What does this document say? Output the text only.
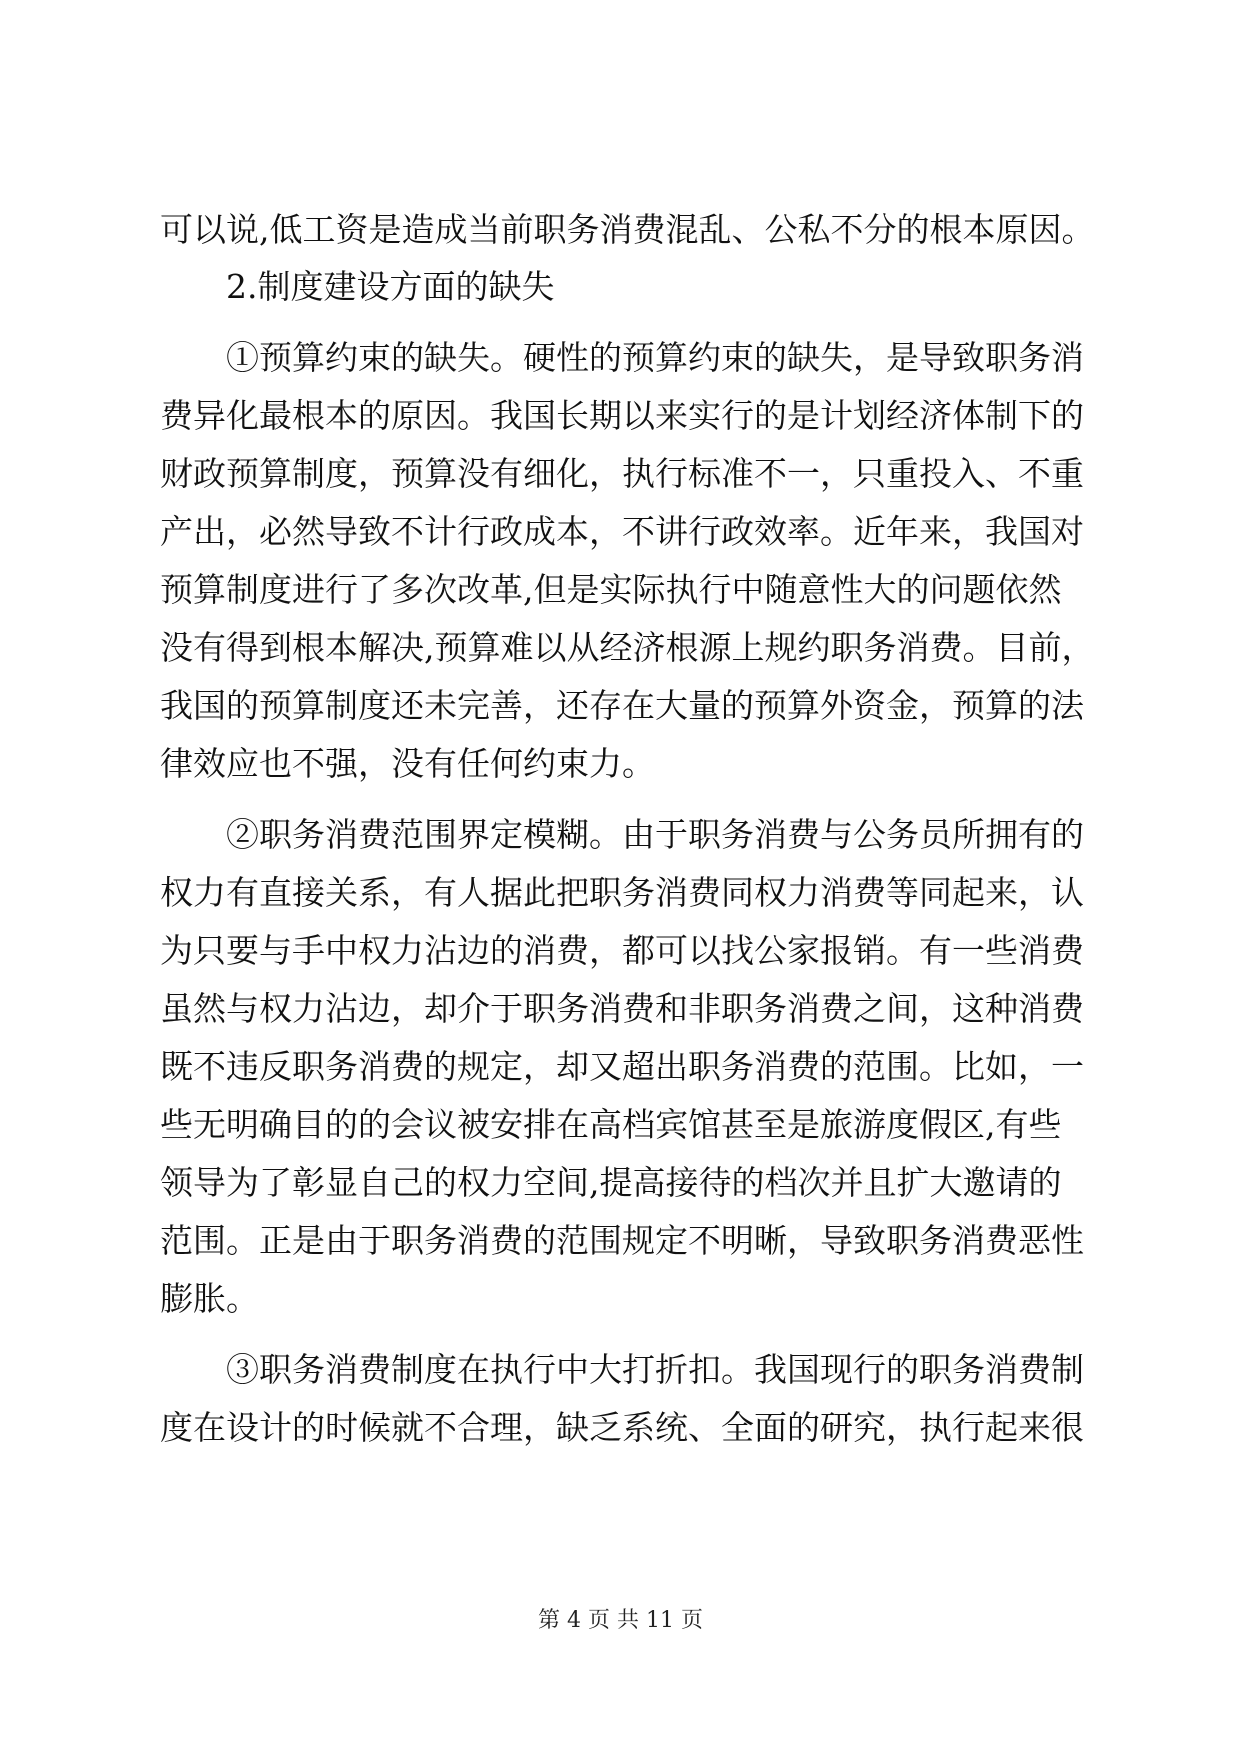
可以说,低工资是造成当前职务消费混乱、公私不分的根本原因。
2.制度建设方面的缺失
①预算约束的缺失。硬性的预算约束的缺失，是导致职务消
费异化最根本的原因。我国长期以来实行的是计划经济体制下的
财政预算制度，预算没有细化，执行标准不一，只重投入、不重
产出，必然导致不计行政成本，不讲行政效率。近年来，我国对
预算制度进行了多次改革,但是实际执行中随意性大的问题依然
没有得到根本解决,预算难以从经济根源上规约职务消费。目前，
我国的预算制度还未完善，还存在大量的预算外资金，预算的法
律效应也不强，没有任何约束力。
②职务消费范围界定模糊。由于职务消费与公务员所拥有的
权力有直接关系，有人据此把职务消费同权力消费等同起来，认
为只要与手中权力沾边的消费，都可以找公家报销。有一些消费
虽然与权力沾边，却介于职务消费和非职务消费之间，这种消费
既不违反职务消费的规定，却又超出职务消费的范围。比如，一
些无明确目的的会议被安排在高档宾馆甚至是旅游度假区,有些
领导为了彰显自己的权力空间,提高接待的档次并且扩大邀请的
范围。正是由于职务消费的范围规定不明晰，导致职务消费恶性
膨胀。
③职务消费制度在执行中大打折扣。我国现行的职务消费制
度在设计的时候就不合理，缺乏系统、全面的研究，执行起来很
第 4 页 共 11 页
